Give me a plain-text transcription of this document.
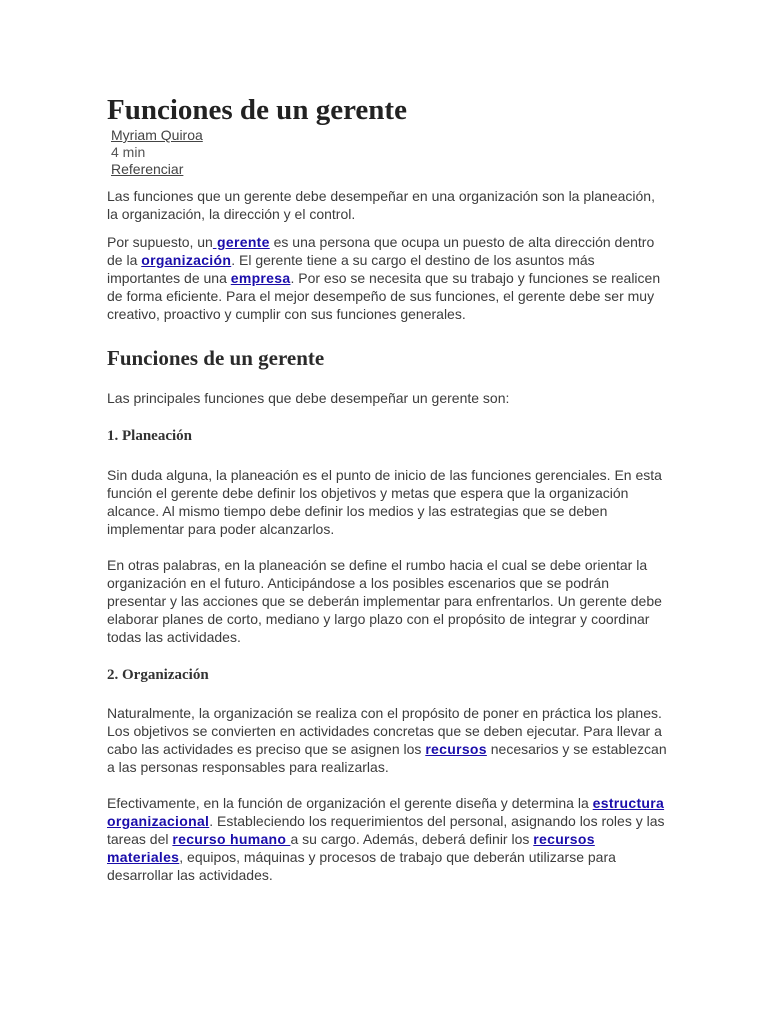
Funciones de un gerente
Myriam Quiroa
4 min
Referenciar

Las funciones que un gerente debe desempeñar en una organización son la planeación, la organización, la dirección y el control.

Por supuesto, un gerente es una persona que ocupa un puesto de alta dirección dentro de la organización. El gerente tiene a su cargo el destino de los asuntos más importantes de una empresa. Por eso se necesita que su trabajo y funciones se realicen de forma eficiente. Para el mejor desempeño de sus funciones, el gerente debe ser muy creativo, proactivo y cumplir con sus funciones generales.

Funciones de un gerente

Las principales funciones que debe desempeñar un gerente son:

1. Planeación

Sin duda alguna, la planeación es el punto de inicio de las funciones gerenciales. En esta función el gerente debe definir los objetivos y metas que espera que la organización alcance. Al mismo tiempo debe definir los medios y las estrategias que se deben implementar para poder alcanzarlos.

En otras palabras, en la planeación se define el rumbo hacia el cual se debe orientar la organización en el futuro. Anticipándose a los posibles escenarios que se podrán presentar y las acciones que se deberán implementar para enfrentarlos. Un gerente debe elaborar planes de corto, mediano y largo plazo con el propósito de integrar y coordinar todas las actividades.

2. Organización

Naturalmente, la organización se realiza con el propósito de poner en práctica los planes. Los objetivos se convierten en actividades concretas que se deben ejecutar. Para llevar a cabo las actividades es preciso que se asignen los recursos necesarios y se establezcan a las personas responsables para realizarlas.

Efectivamente, en la función de organización el gerente diseña y determina la estructura organizacional. Estableciendo los requerimientos del personal, asignando los roles y las tareas del recurso humano a su cargo. Además, deberá definir los recursos materiales, equipos, máquinas y procesos de trabajo que deberán utilizarse para desarrollar las actividades.
